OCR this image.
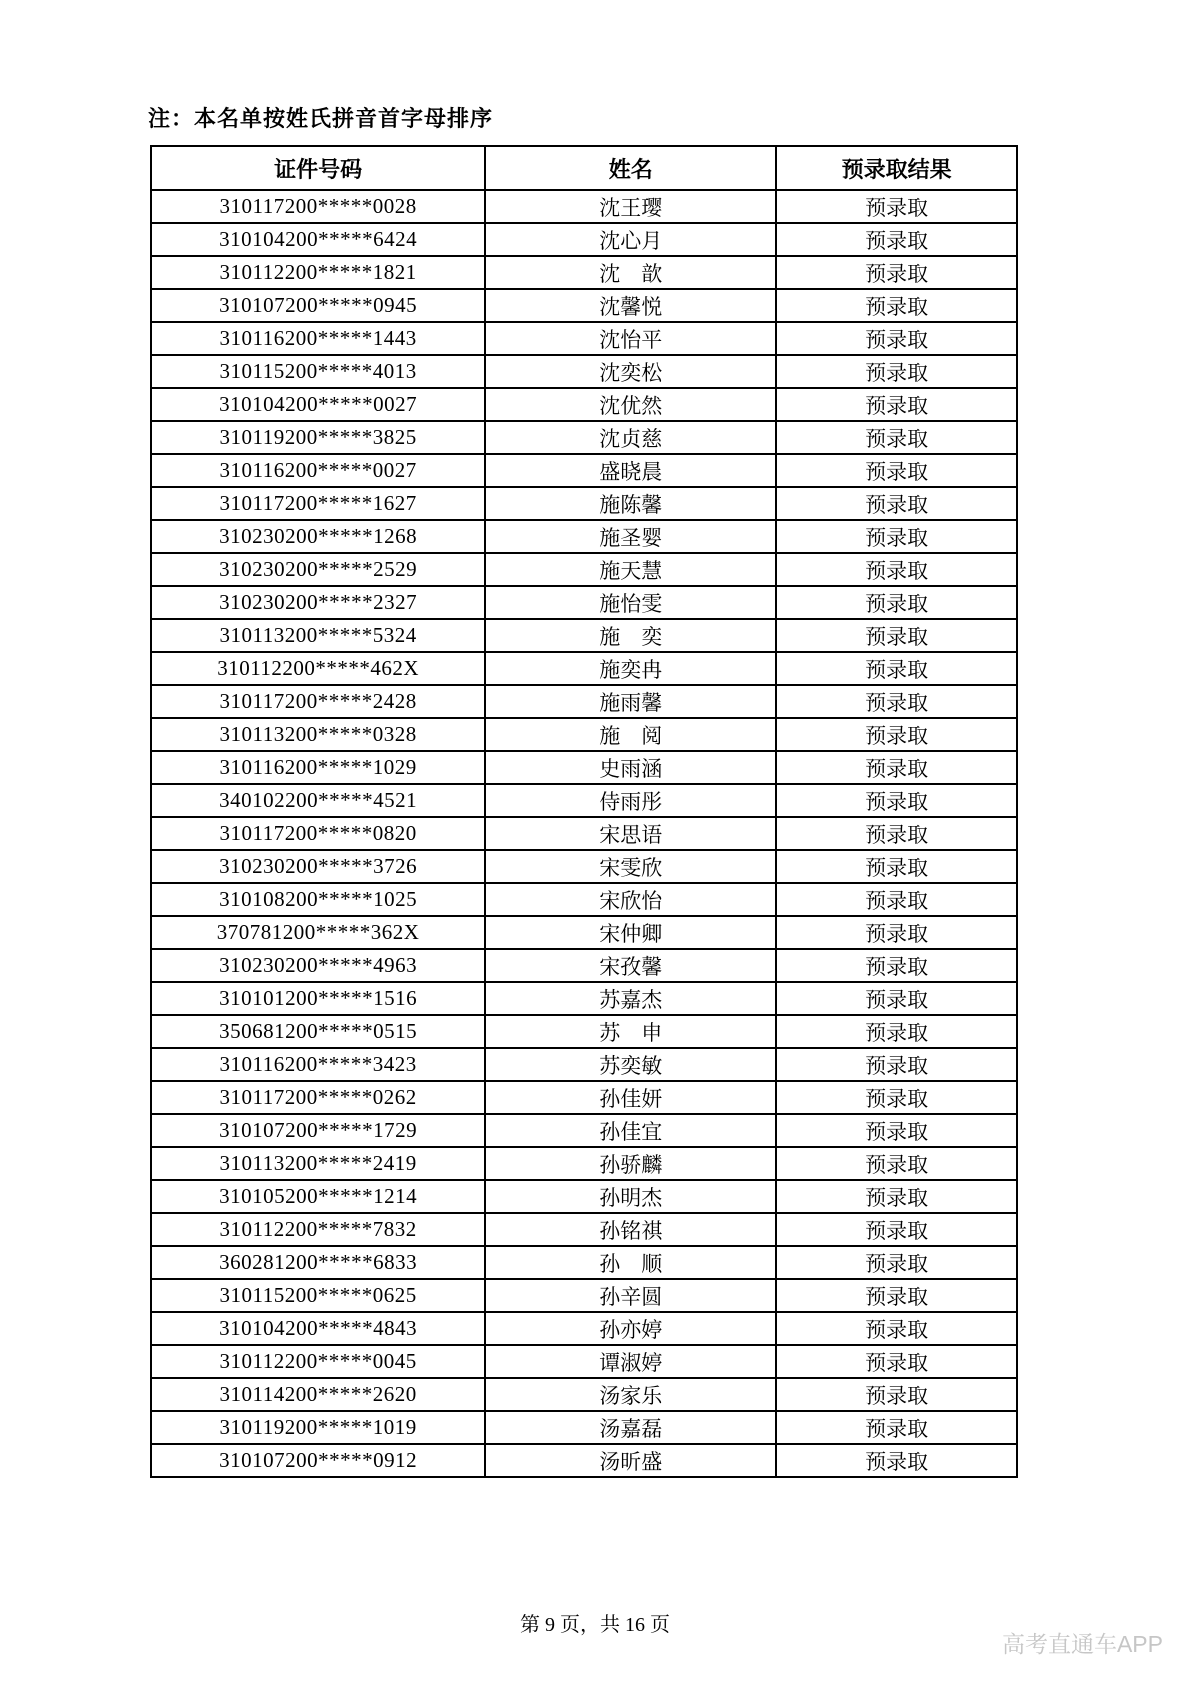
注：本名单按姓氏拼音首字母排序
证件号码	姓名	预录取结果
310117200*****0028	沈王璎	预录取
310104200*****6424	沈心月	预录取
310112200*****1821	沈　歆	预录取
310107200*****0945	沈馨悦	预录取
310116200*****1443	沈怡平	预录取
310115200*****4013	沈奕松	预录取
310104200*****0027	沈优然	预录取
310119200*****3825	沈贞慈	预录取
310116200*****0027	盛晓晨	预录取
310117200*****1627	施陈馨	预录取
310230200*****1268	施圣婴	预录取
310230200*****2529	施天慧	预录取
310230200*****2327	施怡雯	预录取
310113200*****5324	施　奕	预录取
310112200*****462X	施奕冉	预录取
310117200*****2428	施雨馨	预录取
310113200*****0328	施　阅	预录取
310116200*****1029	史雨涵	预录取
340102200*****4521	侍雨彤	预录取
310117200*****0820	宋思语	预录取
310230200*****3726	宋雯欣	预录取
310108200*****1025	宋欣怡	预录取
370781200*****362X	宋仲卿	预录取
310230200*****4963	宋孜馨	预录取
310101200*****1516	苏嘉杰	预录取
350681200*****0515	苏　申	预录取
310116200*****3423	苏奕敏	预录取
310117200*****0262	孙佳妍	预录取
310107200*****1729	孙佳宜	预录取
310113200*****2419	孙骄麟	预录取
310105200*****1214	孙明杰	预录取
310112200*****7832	孙铭祺	预录取
360281200*****6833	孙　顺	预录取
310115200*****0625	孙辛圆	预录取
310104200*****4843	孙亦婷	预录取
310112200*****0045	谭淑婷	预录取
310114200*****2620	汤家乐	预录取
310119200*****1019	汤嘉磊	预录取
310107200*****0912	汤昕盛	预录取
第 9 页，共 16 页
高考直通车APP
